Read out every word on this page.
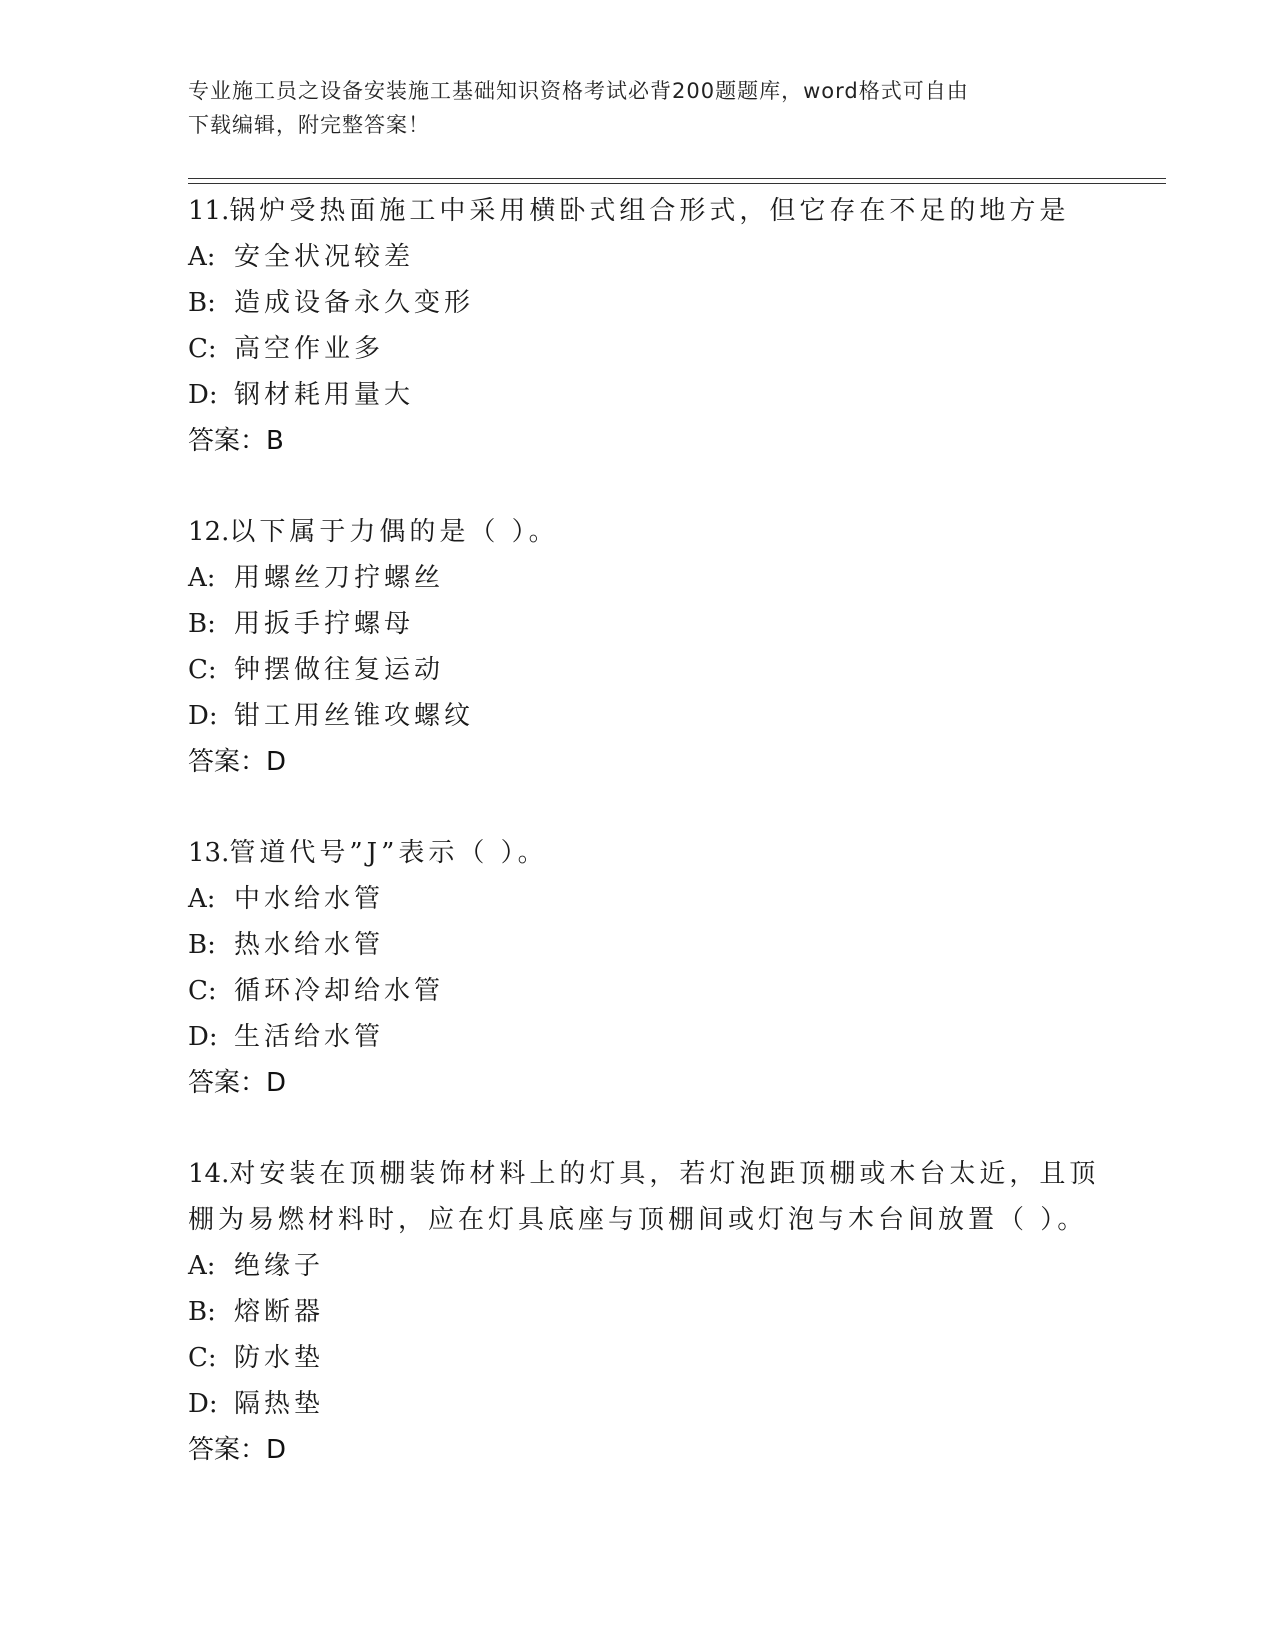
专业施工员之设备安装施工基础知识资格考试必背200题题库，word格式可自由
下载编辑，附完整答案！
11.锅炉受热面施工中采用横卧式组合形式，但它存在不足的地方是
A: 安全状况较差
B: 造成设备永久变形
C: 高空作业多
D: 钢材耗用量大
答案：B
12.以下属于力偶的是（ ）。
A: 用螺丝刀拧螺丝
B: 用扳手拧螺母
C: 钟摆做往复运动
D: 钳工用丝锥攻螺纹
答案：D
13.管道代号”J”表示（ ）。
A: 中水给水管
B: 热水给水管
C: 循环冷却给水管
D: 生活给水管
答案：D
14.对安装在顶棚装饰材料上的灯具，若灯泡距顶棚或木台太近，且顶
棚为易燃材料时，应在灯具底座与顶棚间或灯泡与木台间放置（ ）。
A: 绝缘子
B: 熔断器
C: 防水垫
D: 隔热垫
答案：D
